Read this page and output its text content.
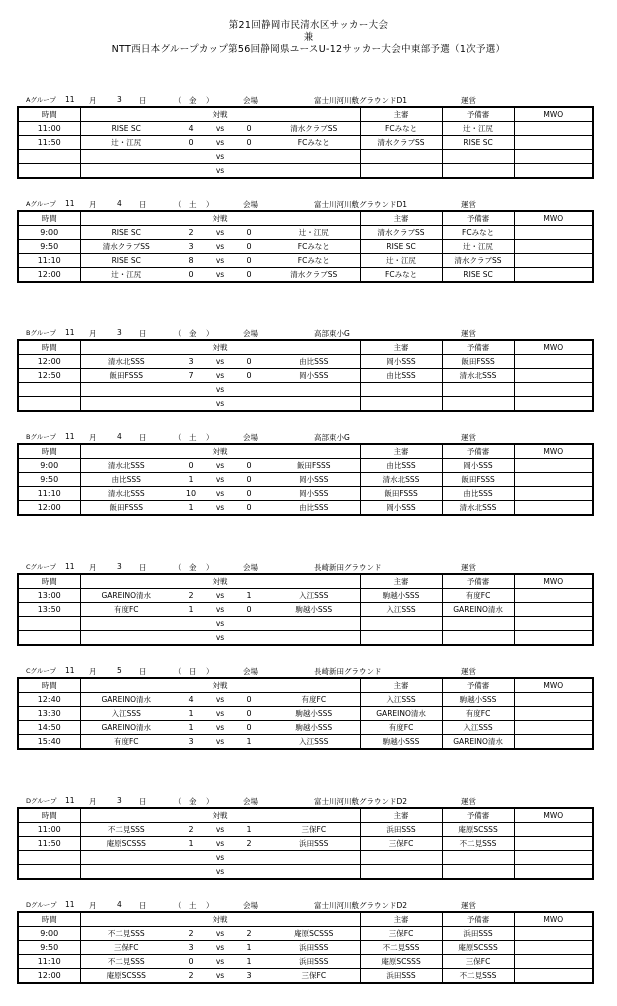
第21回静岡市民清水区サッカー大会
兼
NTT西日本グループカップ第56回静岡県ユースU-12サッカー大会中東部予選（1次予選）
Aグループ 11 月	3 日	（ 金 ）	会場	富士川河川敷グラウンドD1	運営
時間	対戦					主審	予備審	MWO
11:00	RISE SC	4	vs	0	清水クラブSS	FCみなと	辻・江尻	
11:50	辻・江尻	0	vs	0	FCみなと	清水クラブSS	RISE SC	
			vs					
			vs					
Aグループ 11 月	4 日	（ 土 ）	会場	富士川河川敷グラウンドD1	運営
時間	対戦					主審	予備審	MWO
9:00	RISE SC	2	vs	0	辻・江尻	清水クラブSS	FCみなと	
9:50	清水クラブSS	3	vs	0	FCみなと	RISE SC	辻・江尻	
11:10	RISE SC	8	vs	0	FCみなと	辻・江尻	清水クラブSS	
12:00	辻・江尻	0	vs	0	清水クラブSS	FCみなと	RISE SC	
Bグループ 11 月	3 日	（ 金 ）	会場	高部東小G	運営
時間	対戦					主審	予備審	MWO
12:00	清水北SSS	3	vs	0	由比SSS	岡小SSS	飯田FSSS	
12:50	飯田FSSS	7	vs	0	岡小SSS	由比SSS	清水北SSS	
			vs					
			vs					
Bグループ 11 月	4 日	（ 土 ）	会場	高部東小G	運営
時間	対戦					主審	予備審	MWO
9:00	清水北SSS	0	vs	0	飯田FSSS	由比SSS	岡小SSS	
9:50	由比SSS	1	vs	0	岡小SSS	清水北SSS	飯田FSSS	
11:10	清水北SSS	10	vs	0	岡小SSS	飯田FSSS	由比SSS	
12:00	飯田FSSS	1	vs	0	由比SSS	岡小SSS	清水北SSS	
Cグループ 11 月	3 日	（ 金 ）	会場	長崎新田グラウンド	運営
時間	対戦					主審	予備審	MWO
13:00	GAREINO清水	2	vs	1	入江SSS	駒越小SSS	有度FC	
13:50	有度FC	1	vs	0	駒越小SSS	入江SSS	GAREINO清水	
			vs					
			vs					
Cグループ 11 月	5 日	（ 日 ）	会場	長崎新田グラウンド	運営
時間	対戦					主審	予備審	MWO
12:40	GAREINO清水	4	vs	0	有度FC	入江SSS	駒越小SSS	
13:30	入江SSS	1	vs	0	駒越小SSS	GAREINO清水	有度FC	
14:50	GAREINO清水	1	vs	0	駒越小SSS	有度FC	入江SSS	
15:40	有度FC	3	vs	1	入江SSS	駒越小SSS	GAREINO清水	
Dグループ 11 月	3 日	（ 金 ）	会場	富士川河川敷グラウンドD2	運営
時間	対戦					主審	予備審	MWO
11:00	不二見SSS	2	vs	1	三保FC	浜田SSS	庵原SCSSS	
11:50	庵原SCSSS	1	vs	2	浜田SSS	三保FC	不二見SSS	
			vs					
			vs					
Dグループ 11 月	4 日	（ 土 ）	会場	富士川河川敷グラウンドD2	運営
時間	対戦					主審	予備審	MWO
9:00	不二見SSS	2	vs	2	庵原SCSSS	三保FC	浜田SSS	
9:50	三保FC	3	vs	1	浜田SSS	不二見SSS	庵原SCSSS	
11:10	不二見SSS	0	vs	1	浜田SSS	庵原SCSSS	三保FC	
12:00	庵原SCSSS	2	vs	3	三保FC	浜田SSS	不二見SSS	
